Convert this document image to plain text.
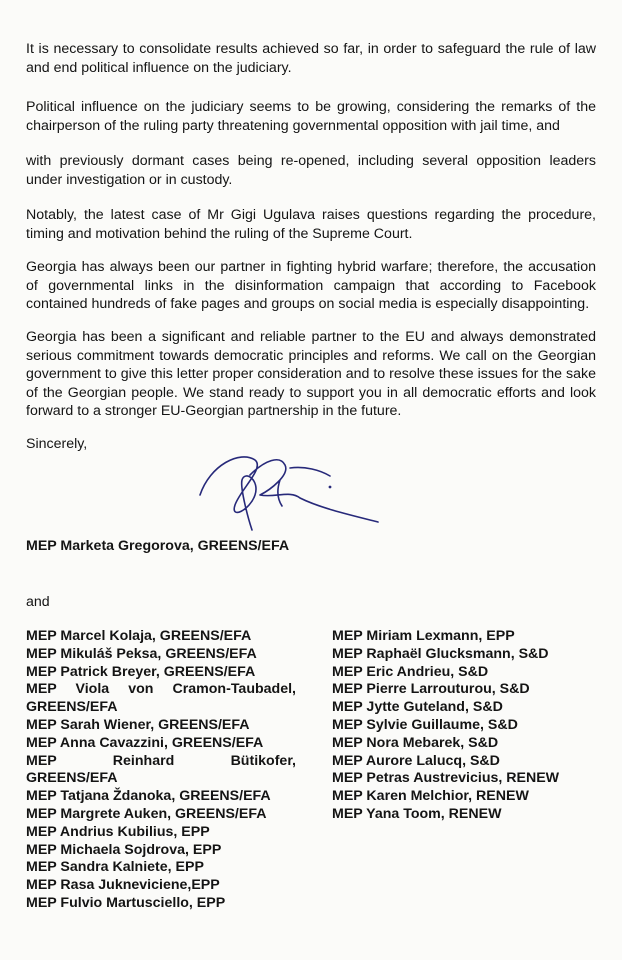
It is necessary to consolidate results achieved so far, in order to safeguard the rule of law and end political influence on the judiciary.

Political influence on the judiciary seems to be growing, considering the remarks of the chairperson of the ruling party threatening governmental opposition with jail time, and

with previously dormant cases being re-opened, including several opposition leaders under investigation or in custody.

Notably, the latest case of Mr Gigi Ugulava raises questions regarding the procedure, timing and motivation behind the ruling of the Supreme Court.

Georgia has always been our partner in fighting hybrid warfare; therefore, the accusation of governmental links in the disinformation campaign that according to Facebook contained hundreds of fake pages and groups on social media is especially disappointing.

Georgia has been a significant and reliable partner to the EU and always demonstrated serious commitment towards democratic principles and reforms. We call on the Georgian government to give this letter proper consideration and to resolve these issues for the sake of the Georgian people. We stand ready to support you in all democratic efforts and look forward to a stronger EU-Georgian partnership in the future.

Sincerely,

MEP Marketa Gregorova, GREENS/EFA

and

MEP Marcel Kolaja, GREENS/EFA
MEP Mikuláš Peksa, GREENS/EFA
MEP Patrick Breyer, GREENS/EFA
MEP Viola von Cramon-Taubadel,
GREENS/EFA
MEP Sarah Wiener, GREENS/EFA
MEP Anna Cavazzini, GREENS/EFA
MEP Reinhard Bütikofer,
GREENS/EFA
MEP Tatjana Ždanoka, GREENS/EFA
MEP Margrete Auken, GREENS/EFA
MEP Andrius Kubilius, EPP
MEP Michaela Sojdrova, EPP
MEP Sandra Kalniete, EPP
MEP Rasa Jukneviciene,EPP
MEP Fulvio Martusciello, EPP
MEP Miriam Lexmann, EPP
MEP Raphaël Glucksmann, S&D
MEP Eric Andrieu, S&D
MEP Pierre Larrouturou, S&D
MEP Jytte Guteland, S&D
MEP Sylvie Guillaume, S&D
MEP Nora Mebarek, S&D
MEP Aurore Lalucq, S&D
MEP Petras Austrevicius, RENEW
MEP Karen Melchior, RENEW
MEP Yana Toom, RENEW
